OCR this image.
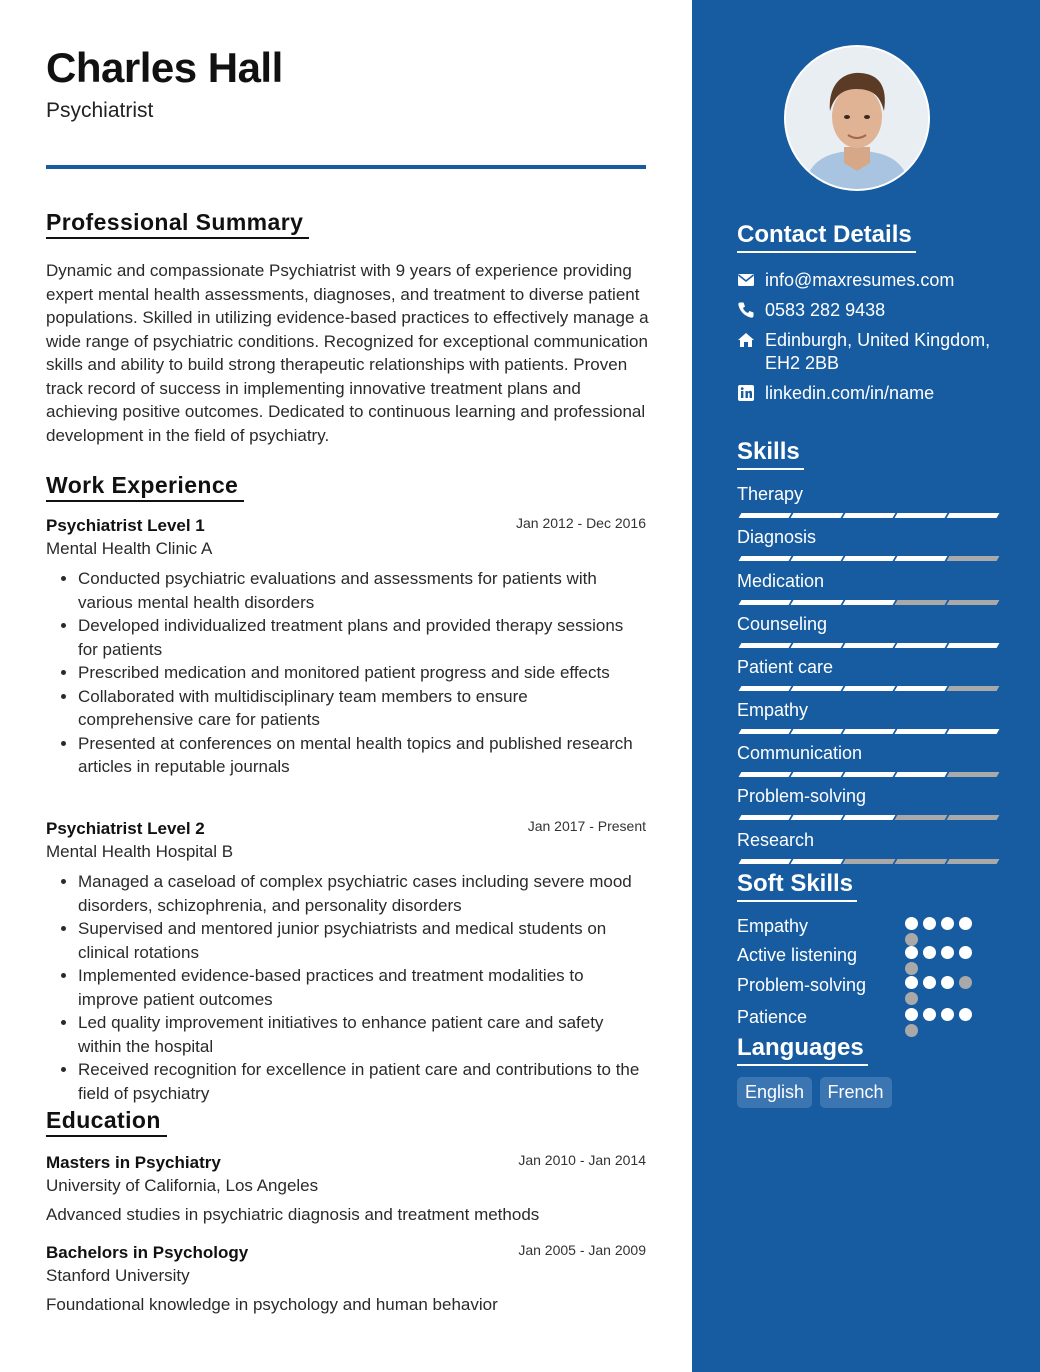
Charles Hall
Psychiatrist
Professional Summary

Dynamic and compassionate Psychiatrist with 9 years of experience providing expert mental health assessments, diagnoses, and treatment to diverse patient populations. Skilled in utilizing evidence-based practices to effectively manage a wide range of psychiatric conditions. Recognized for exceptional communication skills and ability to build strong therapeutic relationships with patients. Proven track record of success in implementing innovative treatment plans and achieving positive outcomes. Dedicated to continuous learning and professional development in the field of psychiatry.

Work Experience
Psychiatrist Level 1	Jan 2012 - Dec 2016
Mental Health Clinic A
• Conducted psychiatric evaluations and assessments for patients with various mental health disorders
• Developed individualized treatment plans and provided therapy sessions for patients
• Prescribed medication and monitored patient progress and side effects
• Collaborated with multidisciplinary team members to ensure comprehensive care for patients
• Presented at conferences on mental health topics and published research articles in reputable journals
Psychiatrist Level 2	Jan 2017 - Present
Mental Health Hospital B
• Managed a caseload of complex psychiatric cases including severe mood disorders, schizophrenia, and personality disorders
• Supervised and mentored junior psychiatrists and medical students on clinical rotations
• Implemented evidence-based practices and treatment modalities to improve patient outcomes
• Led quality improvement initiatives to enhance patient care and safety within the hospital
• Received recognition for excellence in patient care and contributions to the field of psychiatry
Education
Masters in Psychiatry	Jan 2010 - Jan 2014
University of California, Los Angeles
Advanced studies in psychiatric diagnosis and treatment methods
Bachelors in Psychology	Jan 2005 - Jan 2009
Stanford University
Foundational knowledge in psychology and human behavior
Contact Details
info@maxresumes.com
0583 282 9438
Edinburgh, United Kingdom, EH2 2BB
linkedin.com/in/name
Skills
Therapy
Diagnosis
Medication
Counseling
Patient care
Empathy
Communication
Problem-solving
Research
Soft Skills
Empathy
Active listening
Problem-solving
Patience
Languages
English French
